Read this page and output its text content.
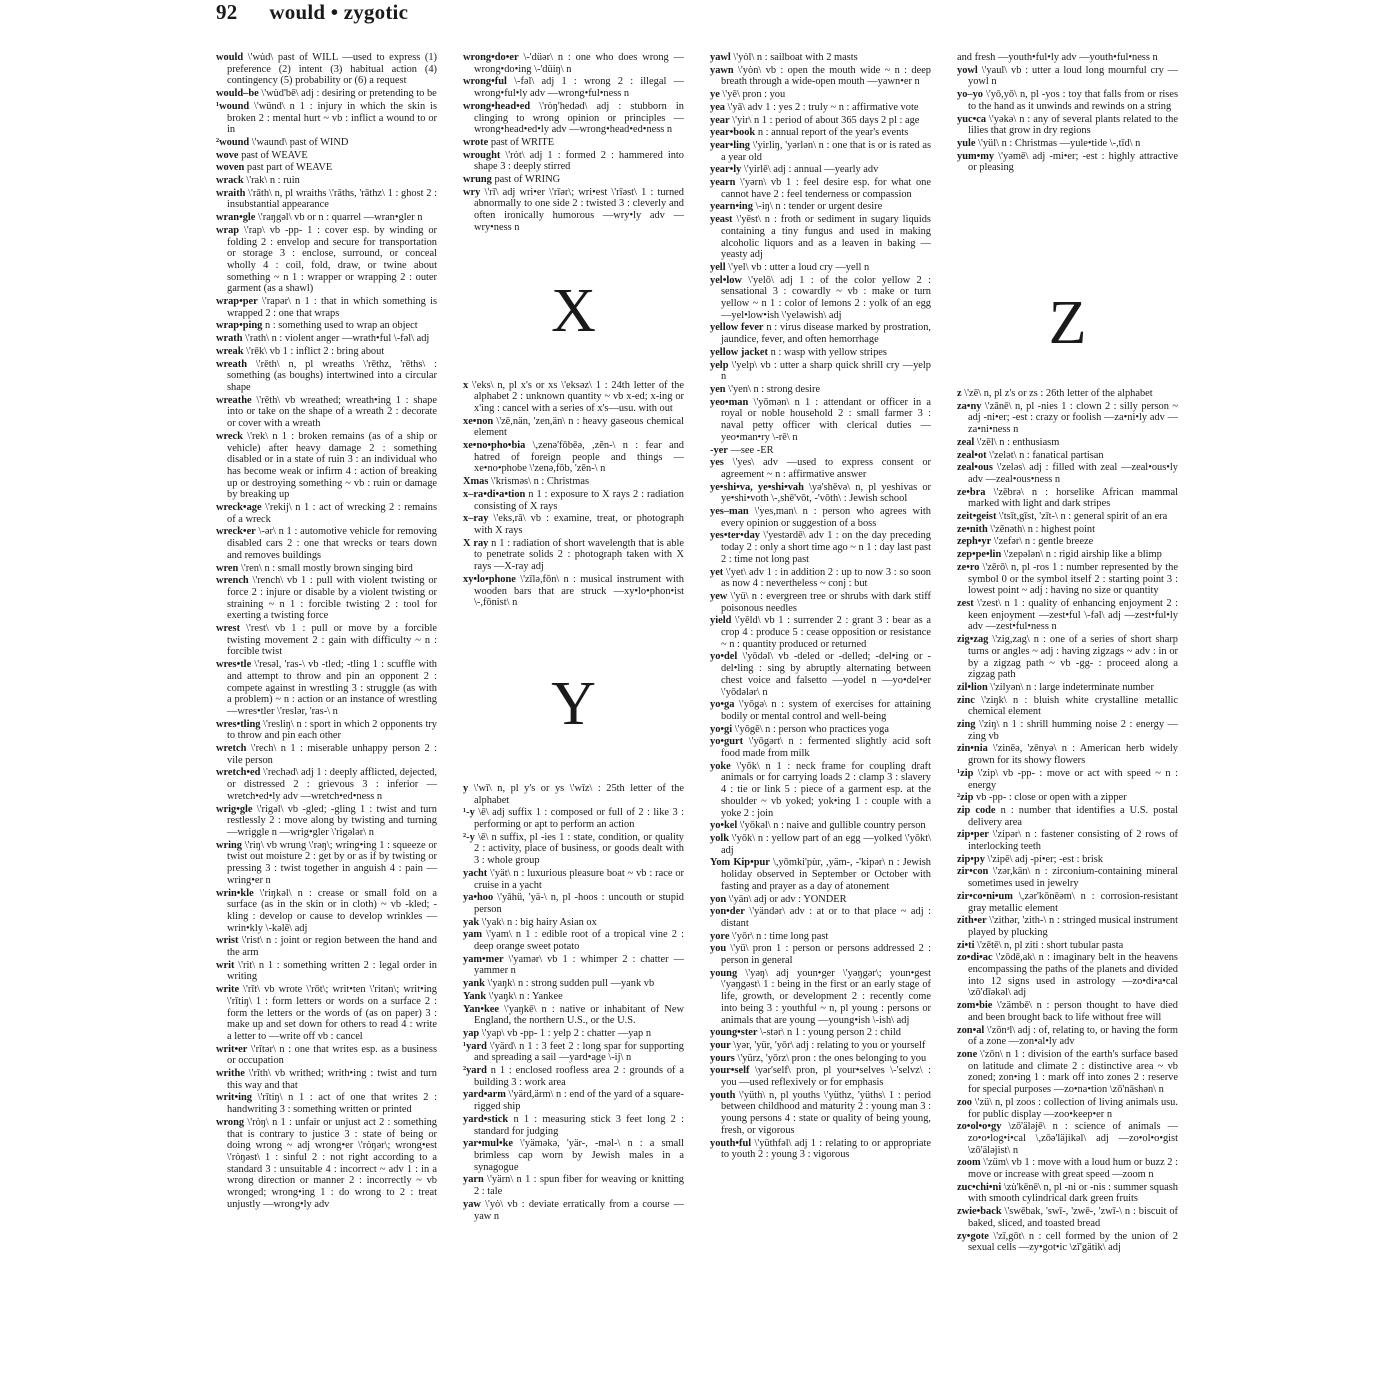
92 would • zygotic
would \'wu̇d\ past of WILL —used to express (1) preference (2) intent (3) habitual action (4) contingency (5) probability or (6) a request
would–be \'wu̇d'bē\ adj : desiring or pretending to be
¹wound \'wünd\ n 1 : injury in which the skin is broken 2 : mental hurt ~ vb : inflict a wound to or in
²wound \'waund\ past of WIND
wove past of WEAVE
woven past part of WEAVE
wrack \'rak\ n : ruin
wraith \'rāth\ n, pl wraiths \'rāths, 'rāthz\ 1 : ghost 2 : insubstantial appearance
wran•gle \'raŋgəl\ vb or n : quarrel —wran•gler n
wrap \'rap\ vb -pp- 1 : cover esp. by winding or folding 2 : envelop and secure for transportation or storage 3 : enclose, surround, or conceal wholly 4 : coil, fold, draw, or twine about something ~ n 1 : wrapper or wrapping 2 : outer garment (as a shawl)
wrap•per \'rapər\ n 1 : that in which something is wrapped 2 : one that wraps
wrap•ping n : something used to wrap an object
wrath \'rath\ n : violent anger —wrath•ful \-fəl\ adj
wreak \'rēk\ vb 1 : inflict 2 : bring about
wreath \'rēth\ n, pl wreaths \'rēthz, 'rēths\ : something (as boughs) intertwined into a circular shape
wreathe \'rēth\ vb wreathed; wreath•ing 1 : shape into or take on the shape of a wreath 2 : decorate or cover with a wreath
wreck \'rek\ n 1 : broken remains (as of a ship or vehicle) after heavy damage 2 : something disabled or in a state of ruin 3 : an individual who has become weak or infirm 4 : action of breaking up or destroying something ~ vb : ruin or damage by breaking up
wreck•age \'rekij\ n 1 : act of wrecking 2 : remains of a wreck
wreck•er \-ər\ n 1 : automotive vehicle for removing disabled cars 2 : one that wrecks or tears down and removes buildings
wren \'ren\ n : small mostly brown singing bird
wrench \'rench\ vb 1 : pull with violent twisting or force 2 : injure or disable by a violent twisting or straining ~ n 1 : forcible twisting 2 : tool for exerting a twisting force
wrest \'rest\ vb 1 : pull or move by a forcible twisting movement 2 : gain with difficulty ~ n : forcible twist
wres•tle \'resəl, 'ras-\ vb -tled; -tling 1 : scuffle with and attempt to throw and pin an opponent 2 : compete against in wrestling 3 : struggle (as with a problem) ~ n : action or an instance of wrestling —wres•tler \'reslər, 'ras-\ n
wres•tling \'resliŋ\ n : sport in which 2 opponents try to throw and pin each other
wretch \'rech\ n 1 : miserable unhappy person 2 : vile person
wretch•ed \'rechəd\ adj 1 : deeply afflicted, dejected, or distressed 2 : grievous 3 : inferior —wretch•ed•ly adv —wretch•ed•ness n
wrig•gle \'rigəl\ vb -gled; -gling 1 : twist and turn restlessly 2 : move along by twisting and turning —wriggle n —wrig•gler \'rigələr\ n
wring \'riŋ\ vb wrung \'rəŋ\; wring•ing 1 : squeeze or twist out moisture 2 : get by or as if by twisting or pressing 3 : twist together in anguish 4 : pain —wring•er n
wrin•kle \'riŋkəl\ n : crease or small fold on a surface (as in the skin or in cloth) ~ vb -kled; -kling : develop or cause to develop wrinkles —wrin•kly \-kəlē\ adj
wrist \'rist\ n : joint or region between the hand and the arm
writ \'rit\ n 1 : something written 2 : legal order in writing
write \'rīt\ vb wrote \'rōt\; writ•ten \'ritən\; writ•ing \'rītiŋ\ 1 : form letters or words on a surface 2 : form the letters or the words of (as on paper) 3 : make up and set down for others to read 4 : write a letter to —write off vb : cancel
writ•er \'rītər\ n : one that writes esp. as a business or occupation
writhe \'rīth\ vb writhed; writh•ing : twist and turn this way and that
writ•ing \'rītiŋ\ n 1 : act of one that writes 2 : handwriting 3 : something written or printed
wrong \'rȯŋ\ n 1 : unfair or unjust act 2 : something that is contrary to justice 3 : state of being or doing wrong ~ adj wrong•er \'rȯŋər\; wrong•est \'rȯŋəst\ 1 : sinful 2 : not right according to a standard 3 : unsuitable 4 : incorrect ~ adv 1 : in a wrong direction or manner 2 : incorrectly ~ vb wronged; wrong•ing 1 : do wrong to 2 : treat unjustly —wrong•ly adv
wrong•do•er \-'düər\ n : one who does wrong —wrong•do•ing \-'düiŋ\ n
wrong•ful \-fəl\ adj 1 : wrong 2 : illegal —wrong•ful•ly adv —wrong•ful•ness n
wrong•head•ed \'rȯŋ'hedəd\ adj : stubborn in clinging to wrong opinion or principles —wrong•head•ed•ly adv —wrong•head•ed•ness n
wrote past of WRITE
wrought \'rȯt\ adj 1 : formed 2 : hammered into shape 3 : deeply stirred
wrung past of WRING
wry \'rī\ adj wri•er \'rīər\; wri•est \'rīəst\ 1 : turned abnormally to one side 2 : twisted 3 : cleverly and often ironically humorous —wry•ly adv —wry•ness n
X
x \'eks\ n, pl x's or xs \'eksəz\ 1 : 24th letter of the alphabet 2 : unknown quantity ~ vb x-ed; x-ing or x'ing : cancel with a series of x's—usu. with out
xe•non \'zē,nän, 'zen,än\ n : heavy gaseous chemical element
xe•no•pho•bia \,zenə'fōbēə, ,zēn-\ n : fear and hatred of foreign people and things —xe•no•phobe \'zenə,fōb, 'zēn-\ n
Xmas \'krisməs\ n : Christmas
x–ra•di•a•tion n 1 : exposure to X rays 2 : radiation consisting of X rays
x–ray \'eks,rā\ vb : examine, treat, or photograph with X rays
X ray n 1 : radiation of short wavelength that is able to penetrate solids 2 : photograph taken with X rays —X-ray adj
xy•lo•phone \'zīlə,fōn\ n : musical instrument with wooden bars that are struck —xy•lo•phon•ist \-,fōnist\ n
Y
y \'wī\ n, pl y's or ys \'wīz\ : 25th letter of the alphabet
¹-y \ē\ adj suffix 1 : composed or full of 2 : like 3 : performing or apt to perform an action
²-y \ē\ n suffix, pl -ies 1 : state, condition, or quality 2 : activity, place of business, or goods dealt with 3 : whole group
yacht \'yät\ n : luxurious pleasure boat ~ vb : race or cruise in a yacht
ya•hoo \'yāhü, 'yä-\ n, pl -hoos : uncouth or stupid person
yak \'yak\ n : big hairy Asian ox
yam \'yam\ n 1 : edible root of a tropical vine 2 : deep orange sweet potato
yam•mer \'yamər\ vb 1 : whimper 2 : chatter —yammer n
yank \'yaŋk\ n : strong sudden pull —yank vb
Yank \'yaŋk\ n : Yankee
Yan•kee \'yaŋkē\ n : native or inhabitant of New England, the northern U.S., or the U.S.
yap \'yap\ vb -pp- 1 : yelp 2 : chatter —yap n
¹yard \'yärd\ n 1 : 3 feet 2 : long spar for supporting and spreading a sail —yard•age \-ij\ n
²yard n 1 : enclosed roofless area 2 : grounds of a building 3 : work area
yard•arm \'yärd,ärm\ n : end of the yard of a square-rigged ship
yard•stick n 1 : measuring stick 3 feet long 2 : standard for judging
yar•mul•ke \'yäməkə, 'yär-, -məl-\ n : a small brimless cap worn by Jewish males in a synagogue
yarn \'yärn\ n 1 : spun fiber for weaving or knitting 2 : tale
yaw \'yȯ\ vb : deviate erratically from a course —yaw n
yawl \'yȯl\ n : sailboat with 2 masts
yawn \'yȯn\ vb : open the mouth wide ~ n : deep breath through a wide-open mouth —yawn•er n
ye \'yē\ pron : you
yea \'yā\ adv 1 : yes 2 : truly ~ n : affirmative vote
year \'yir\ n 1 : period of about 365 days 2 pl : age
year•book n : annual report of the year's events
year•ling \'yirliŋ, 'yərlən\ n : one that is or is rated as a year old
year•ly \'yirlē\ adj : annual —yearly adv
yearn \'yərn\ vb 1 : feel desire esp. for what one cannot have 2 : feel tenderness or compassion
yearn•ing \-iŋ\ n : tender or urgent desire
yeast \'yēst\ n : froth or sediment in sugary liquids containing a tiny fungus and used in making alcoholic liquors and as a leaven in baking —yeasty adj
yell \'yel\ vb : utter a loud cry —yell n
yel•low \'yelō\ adj 1 : of the color yellow 2 : sensational 3 : cowardly ~ vb : make or turn yellow ~ n 1 : color of lemons 2 : yolk of an egg —yel•low•ish \'yeləwish\ adj
yellow fever n : virus disease marked by prostration, jaundice, fever, and often hemorrhage
yellow jacket n : wasp with yellow stripes
yelp \'yelp\ vb : utter a sharp quick shrill cry —yelp n
yen \'yen\ n : strong desire
yeo•man \'yōmən\ n 1 : attendant or officer in a royal or noble household 2 : small farmer 3 : naval petty officer with clerical duties —yeo•man•ry \-rē\ n
-yer —see -ER
yes \'yes\ adv —used to express consent or agreement ~ n : affirmative answer
ye•shi•va, ye•shi•vah \yə'shēvə\ n, pl yeshivas or ye•shi•voth \-,shē'vōt, -'vōth\ : Jewish school
yes–man \'yes,man\ n : person who agrees with every opinion or suggestion of a boss
yes•ter•day \'yestərdē\ adv 1 : on the day preceding today 2 : only a short time ago ~ n 1 : day last past 2 : time not long past
yet \'yet\ adv 1 : in addition 2 : up to now 3 : so soon as now 4 : nevertheless ~ conj : but
yew \'yü\ n : evergreen tree or shrubs with dark stiff poisonous needles
yield \'yēld\ vb 1 : surrender 2 : grant 3 : bear as a crop 4 : produce 5 : cease opposition or resistance ~ n : quantity produced or returned
yo•del \'yōdəl\ vb -deled or -delled; -del•ing or -del•ling : sing by abruptly alternating between chest voice and falsetto —yodel n —yo•del•er \'yōdələr\ n
yo•ga \'yōgə\ n : system of exercises for attaining bodily or mental control and well-being
yo•gi \'yōgē\ n : person who practices yoga
yo•gurt \'yōgərt\ n : fermented slightly acid soft food made from milk
yoke \'yōk\ n 1 : neck frame for coupling draft animals or for carrying loads 2 : clamp 3 : slavery 4 : tie or link 5 : piece of a garment esp. at the shoulder ~ vb yoked; yok•ing 1 : couple with a yoke 2 : join
yo•kel \'yōkəl\ n : naive and gullible country person
yolk \'yōk\ n : yellow part of an egg —yolked \'yōkt\ adj
Yom Kip•pur \,yōmki'pùr, ,yäm-, -'kipər\ n : Jewish holiday observed in September or October with fasting and prayer as a day of atonement
yon \'yän\ adj or adv : YONDER
yon•der \'yändər\ adv : at or to that place ~ adj : distant
yore \'yōr\ n : time long past
you \'yü\ pron 1 : person or persons addressed 2 : person in general
young \'yəŋ\ adj youn•ger \'yəŋgər\; youn•gest \'yəŋgəst\ 1 : being in the first or an early stage of life, growth, or development 2 : recently come into being 3 : youthful ~ n, pl young : persons or animals that are young —young•ish \-ish\ adj
young•ster \-stər\ n 1 : young person 2 : child
your \yər, 'yür, 'yōr\ adj : relating to you or yourself
yours \'yürz, 'yōrz\ pron : the ones belonging to you
your•self \yər'self\ pron, pl your•selves \-'selvz\ : you —used reflexively or for emphasis
youth \'yüth\ n, pl youths \'yüthz, 'yüths\ 1 : period between childhood and maturity 2 : young man 3 : young persons 4 : state or quality of being young, fresh, or vigorous
youth•ful \'yüthfəl\ adj 1 : relating to or appropriate to youth 2 : young 3 : vigorous
and fresh —youth•ful•ly adv —youth•ful•ness n
yowl \'yaul\ vb : utter a loud long mournful cry —yowl n
yo–yo \'yō,yō\ n, pl -yos : toy that falls from or rises to the hand as it unwinds and rewinds on a string
yuc•ca \'yəkə\ n : any of several plants related to the lilies that grow in dry regions
yule \'yül\ n : Christmas —yule•tide \-,tīd\ n
yum•my \'yəmē\ adj -mi•er; -est : highly attractive or pleasing
Z
z \'zē\ n, pl z's or zs : 26th letter of the alphabet
za•ny \'zānē\ n, pl -nies 1 : clown 2 : silly person ~ adj -ni•er; -est : crazy or foolish —za•ni•ly adv —za•ni•ness n
zeal \'zēl\ n : enthusiasm
zeal•ot \'zelət\ n : fanatical partisan
zeal•ous \'zeləs\ adj : filled with zeal —zeal•ous•ly adv —zeal•ous•ness n
ze•bra \'zēbrə\ n : horselike African mammal marked with light and dark stripes
zeit•geist \'tsīt,gīst, 'zīt-\ n : general spirit of an era
ze•nith \'zēnəth\ n : highest point
zeph•yr \'zefər\ n : gentle breeze
zep•pe•lin \'zepələn\ n : rigid airship like a blimp
ze•ro \'zērō\ n, pl -ros 1 : number represented by the symbol 0 or the symbol itself 2 : starting point 3 : lowest point ~ adj : having no size or quantity
zest \'zest\ n 1 : quality of enhancing enjoyment 2 : keen enjoyment —zest•ful \-fəl\ adj —zest•ful•ly adv —zest•ful•ness n
zig•zag \'zig,zag\ n : one of a series of short sharp turns or angles ~ adj : having zigzags ~ adv : in or by a zigzag path ~ vb -gg- : proceed along a zigzag path
zil•lion \'zilyən\ n : large indeterminate number
zinc \'ziŋk\ n : bluish white crystalline metallic chemical element
zing \'ziŋ\ n 1 : shrill humming noise 2 : energy —zing vb
zin•nia \'zinēə, 'zēnyə\ n : American herb widely grown for its showy flowers
¹zip \'zip\ vb -pp- : move or act with speed ~ n : energy
²zip vb -pp- : close or open with a zipper
zip code n : number that identifies a U.S. postal delivery area
zip•per \'zipər\ n : fastener consisting of 2 rows of interlocking teeth
zip•py \'zipē\ adj -pi•er; -est : brisk
zir•con \'zər,kän\ n : zirconium-containing mineral sometimes used in jewelry
zir•co•ni•um \,zər'kōnēəm\ n : corrosion-resistant gray metallic element
zith•er \'zithər, 'zith-\ n : stringed musical instrument played by plucking
zi•ti \'zētē\ n, pl ziti : short tubular pasta
zo•di•ac \'zōdē,ak\ n : imaginary belt in the heavens encompassing the paths of the planets and divided into 12 signs used in astrology —zo•di•a•cal \zō'dīəkəl\ adj
zom•bie \'zämbē\ n : person thought to have died and been brought back to life without free will
zon•al \'zōnᵊl\ adj : of, relating to, or having the form of a zone —zon•al•ly adv
zone \'zōn\ n 1 : division of the earth's surface based on latitude and climate 2 : distinctive area ~ vb zoned; zon•ing 1 : mark off into zones 2 : reserve for special purposes —zo•na•tion \zō'nāshən\ n
zoo \'zü\ n, pl zoos : collection of living animals usu. for public display —zoo•keep•er n
zo•ol•o•gy \zō'äləjē\ n : science of animals —zo•o•log•i•cal \,zōə'läjikəl\ adj —zo•ol•o•gist \zō'äləjist\ n
zoom \'züm\ vb 1 : move with a loud hum or buzz 2 : move or increase with great speed —zoom n
zuc•chi•ni \zu̇'kēnē\ n, pl -ni or -nis : summer squash with smooth cylindrical dark green fruits
zwie•back \'swēbak, 'swī-, 'zwē-, 'zwī-\ n : biscuit of baked, sliced, and toasted bread
zy•gote \'zī,gōt\ n : cell formed by the union of 2 sexual cells —zy•got•ic \zī'gätik\ adj
